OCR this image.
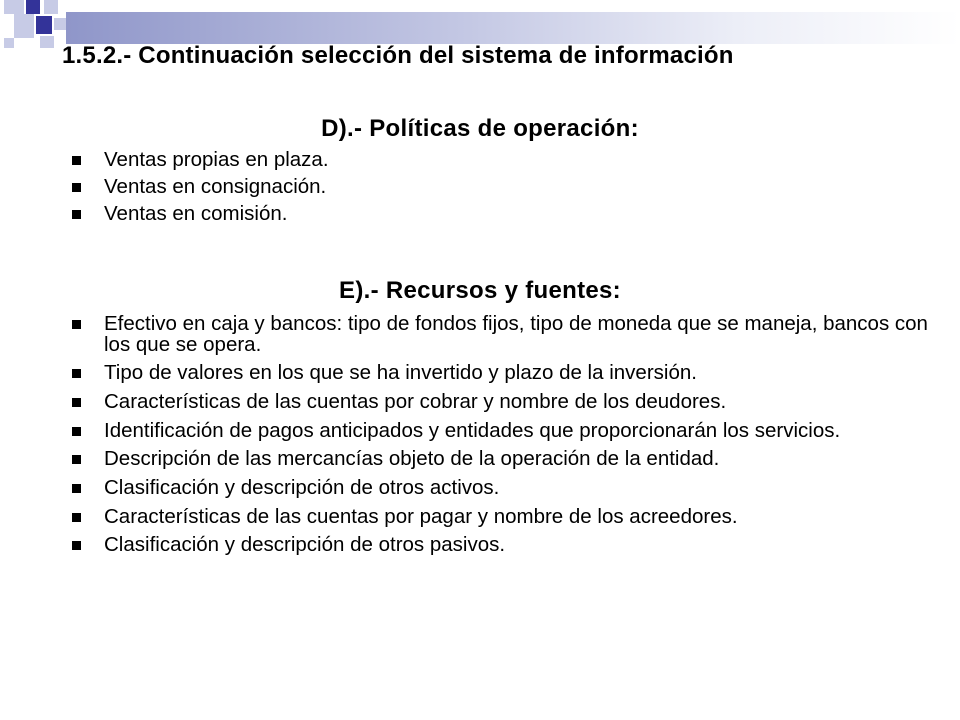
1.5.2.- Continuación selección del sistema de información
D).- Políticas de operación:
Ventas propias en plaza.
Ventas en consignación.
Ventas en comisión.
E).- Recursos y fuentes:
Efectivo en caja y bancos: tipo de fondos fijos, tipo de moneda que se maneja, bancos con los que se opera.
Tipo de valores en los que se ha invertido y plazo de la inversión.
Características de las cuentas por cobrar y nombre de los deudores.
Identificación de pagos anticipados y entidades que proporcionarán los servicios.
Descripción de las mercancías objeto de la operación de la entidad.
Clasificación y descripción de otros activos.
Características de las cuentas por pagar y nombre de los acreedores.
Clasificación y descripción de otros pasivos.
